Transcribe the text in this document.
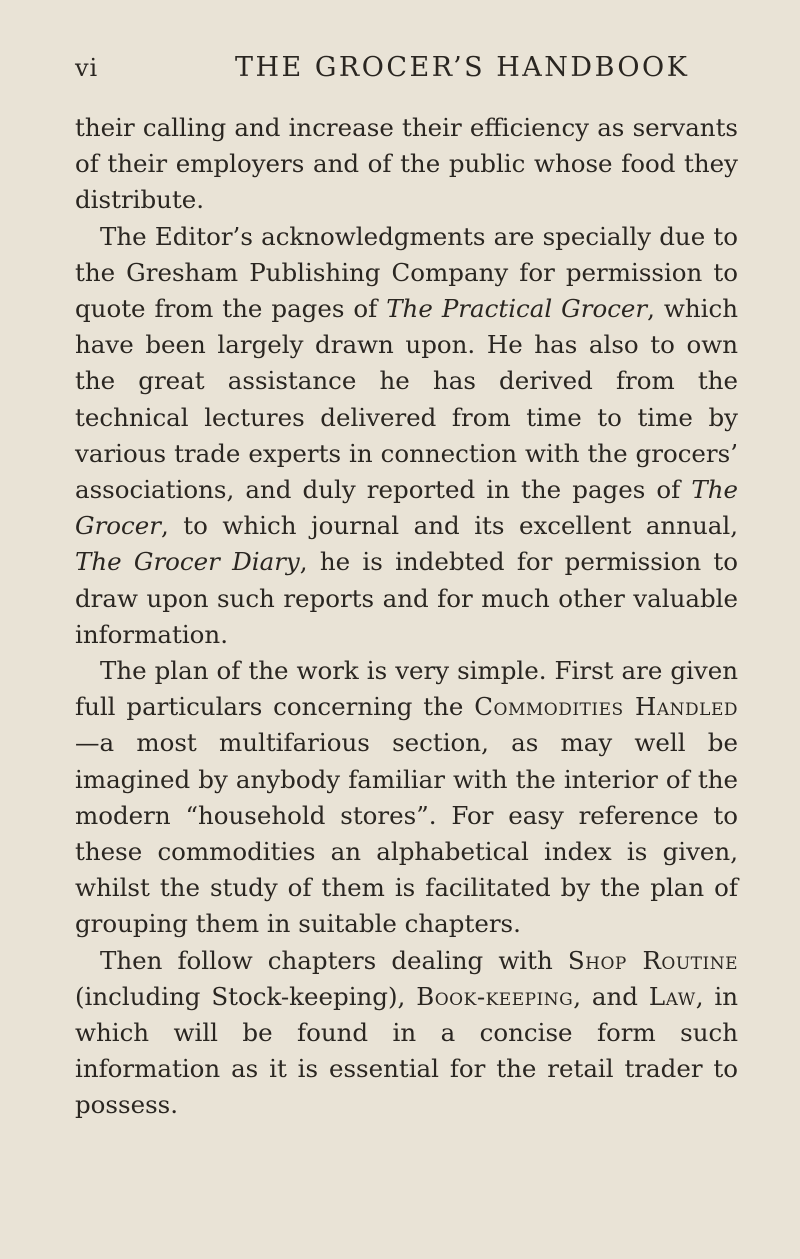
vi	THE GROCER’S HANDBOOK

their calling and increase their efficiency as servants of their employers and of the public whose food they distribute.

The Editor’s acknowledgments are specially due to the Gresham Publishing Company for permission to quote from the pages of The Practical Grocer, which have been largely drawn upon. He has also to own the great assistance he has derived from the technical lectures delivered from time to time by various trade experts in connection with the grocers’ associations, and duly reported in the pages of The Grocer, to which journal and its excellent annual, The Grocer Diary, he is indebted for permission to draw upon such reports and for much other valuable information.

The plan of the work is very simple. First are given full particulars concerning the Commodities Handled—a most multifarious section, as may well be imagined by anybody familiar with the interior of the modern “household stores”. For easy reference to these commodities an alphabetical index is given, whilst the study of them is facilitated by the plan of grouping them in suitable chapters.

Then follow chapters dealing with Shop Routine (including Stock-keeping), Book-keeping, and Law, in which will be found in a concise form such information as it is essential for the retail trader to possess.
